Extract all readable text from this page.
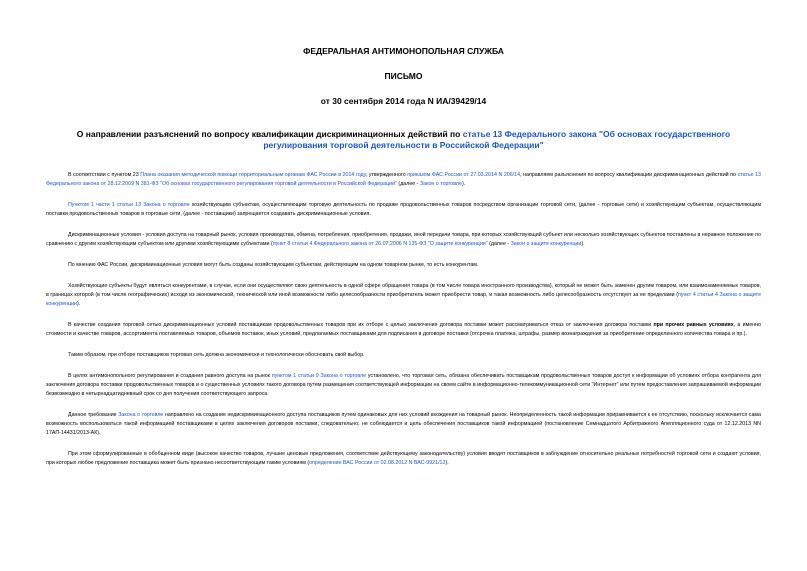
ФЕДЕРАЛЬНАЯ АНТИМОНОПОЛЬНАЯ СЛУЖБА
ПИСЬМО
от 30 сентября 2014 года N ИА/39429/14
О направлении разъяснений по вопросу квалификации дискриминационных действий по статье 13 Федерального закона "Об основах государственного регулирования торговой деятельности в Российской Федерации"
В соответствии с пунктом 23 Плана оказания методической помощи территориальным органам ФАС России в 2014 году, утвержденного приказом ФАС России от 27.03.2014 N 206/14, направляем разъяснения по вопросу квалификации дискриминационных действий по статье 13 Федерального закона от 28.12.2009 N 381-ФЗ "Об основах государственного регулирования торговой деятельности в Российской Федерации" (далее - Закон о торговле).
Пунктом 1 части 1 статьи 13 Закона о торговле хозяйствующим субъектам, осуществляющим торговую деятельность по продаже продовольственных товаров посредством организации торговой сети, (далее - торговые сети) и хозяйствующим субъектам, осуществляющим поставки продовольственных товаров в торговые сети, (далее - поставщики) запрещается создавать дискриминационные условия.
Дискриминационные условия - условия доступа на товарный рынок, условия производства, обмена, потребления, приобретения, продажи, иной передачи товара, при которых хозяйствующий субъект или несколько хозяйствующих субъектов поставлены в неравное положение по сравнению с другим хозяйствующим субъектом или другими хозяйствующими субъектами (пункт 8 статьи 4 Федерального закона от 26.07.2006 N 135-ФЗ "О защите конкуренции" (далее - Закон о защите конкуренции).
По мнению ФАС России, дискриминационные условия могут быть созданы хозяйствующим субъектам, действующим на одном товарном рынке, то есть конкурентам.
Хозяйствующие субъекты будут являться конкурентами, в случае, если они осуществляют свою деятельность в одной сфере обращения товара (в том числе товара иностранного производства), который не может быть заменен другим товаром, или взаимозаменяемых товаров, в границах которой (в том числе географических) исходя из экономической, технической или иной возможности либо целесообразности приобретатель может приобрести товар, и такая возможность либо целесообразность отсутствует за ее пределами (пункт 4 статьи 4 Закона о защите конкуренции).
В качестве создания торговой сетью дискриминационных условий поставщикам продовольственных товаров при их отборе с целью заключения договора поставки может рассматриваться отказ от заключения договора поставки при прочих равных условиях, а именно стоимости и качестве товаров, ассортимента поставляемых товаров, объемов поставок, иных условий, предлагаемых поставщиками для подписания в договоре поставки (отсрочка платежа, штрафы, размер вознаграждения за приобретение определенного количества товара и пр.).
Таким образом, при отборе поставщиков торговая сеть должна экономически и технологически обосновать свой выбор.
В целях антимонопольного регулирования и создания равного доступа на рынок пунктом 1 статьи 9 Закона о торговле установлено, что торговая сеть, обязана обеспечивать поставщикам продовольственных товаров доступ к информации об условиях отбора контрагента для заключения договора поставки продовольственных товаров и о существенных условиях такого договора путем размещения соответствующей информации на своем сайте в информационно-телекоммуникационной сети "Интернет" или путем предоставления запрашиваемой информации безвозмездно в четырнадцатидневный срок со дня получения соответствующего запроса.
Данное требование Закона о торговле направлено на создание недискриминационного доступа поставщиков путем одинаковых для них условий вхождения на товарный рынок. Неопределенность такой информации приравнивается к ее отсутствию, поскольку исключается сама возможность воспользоваться такой информацией поставщиками в целях заключения договоров поставки, следовательно, не соблюдается и цель обеспечения поставщиков такой информацией (постановление Семнадцатого Арбитражного Апелляционного суда от 12.12.2013 NN 17АП-14431/2013-АК).
При этом сформулированные в обобщенном виде (высокое качество товаров, лучшие ценовые предложения, соответствие действующему законодательству) условия вводят поставщиков в заблуждение относительно реальных потребностей торговой сети и создают условия, при которых любое предложение поставщика может быть признано несоответствующим таким условиям (определение ВАС России от 02.08.2012 N ВАС-9921/12).
